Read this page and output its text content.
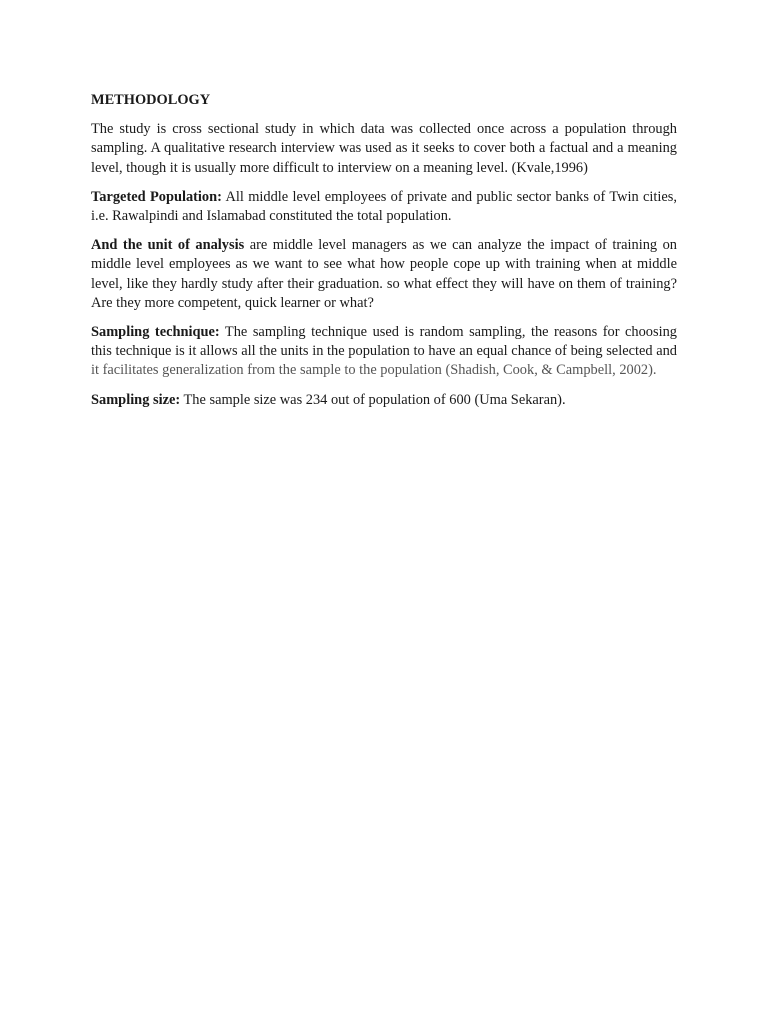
METHODOLOGY

The study is cross sectional study in which data was collected once across a population through sampling. A qualitative research interview was used as it seeks to cover both a factual and a meaning level, though it is usually more difficult to interview on a meaning level. (Kvale,1996)

Targeted Population: All middle level employees of private and public sector banks of Twin cities, i.e. Rawalpindi and Islamabad constituted the total population.

And the unit of analysis are middle level managers as we can analyze the impact of training on middle level employees as we want to see what how people cope up with training when at middle level, like they hardly study after their graduation. so what effect they will have on them of training? Are they more competent, quick learner or what?

Sampling technique: The sampling technique used is random sampling, the reasons for choosing this technique is it allows all the units in the population to have an equal chance of being selected and it facilitates generalization from the sample to the population (Shadish, Cook, & Campbell, 2002).

Sampling size: The sample size was 234 out of population of 600 (Uma Sekaran).
